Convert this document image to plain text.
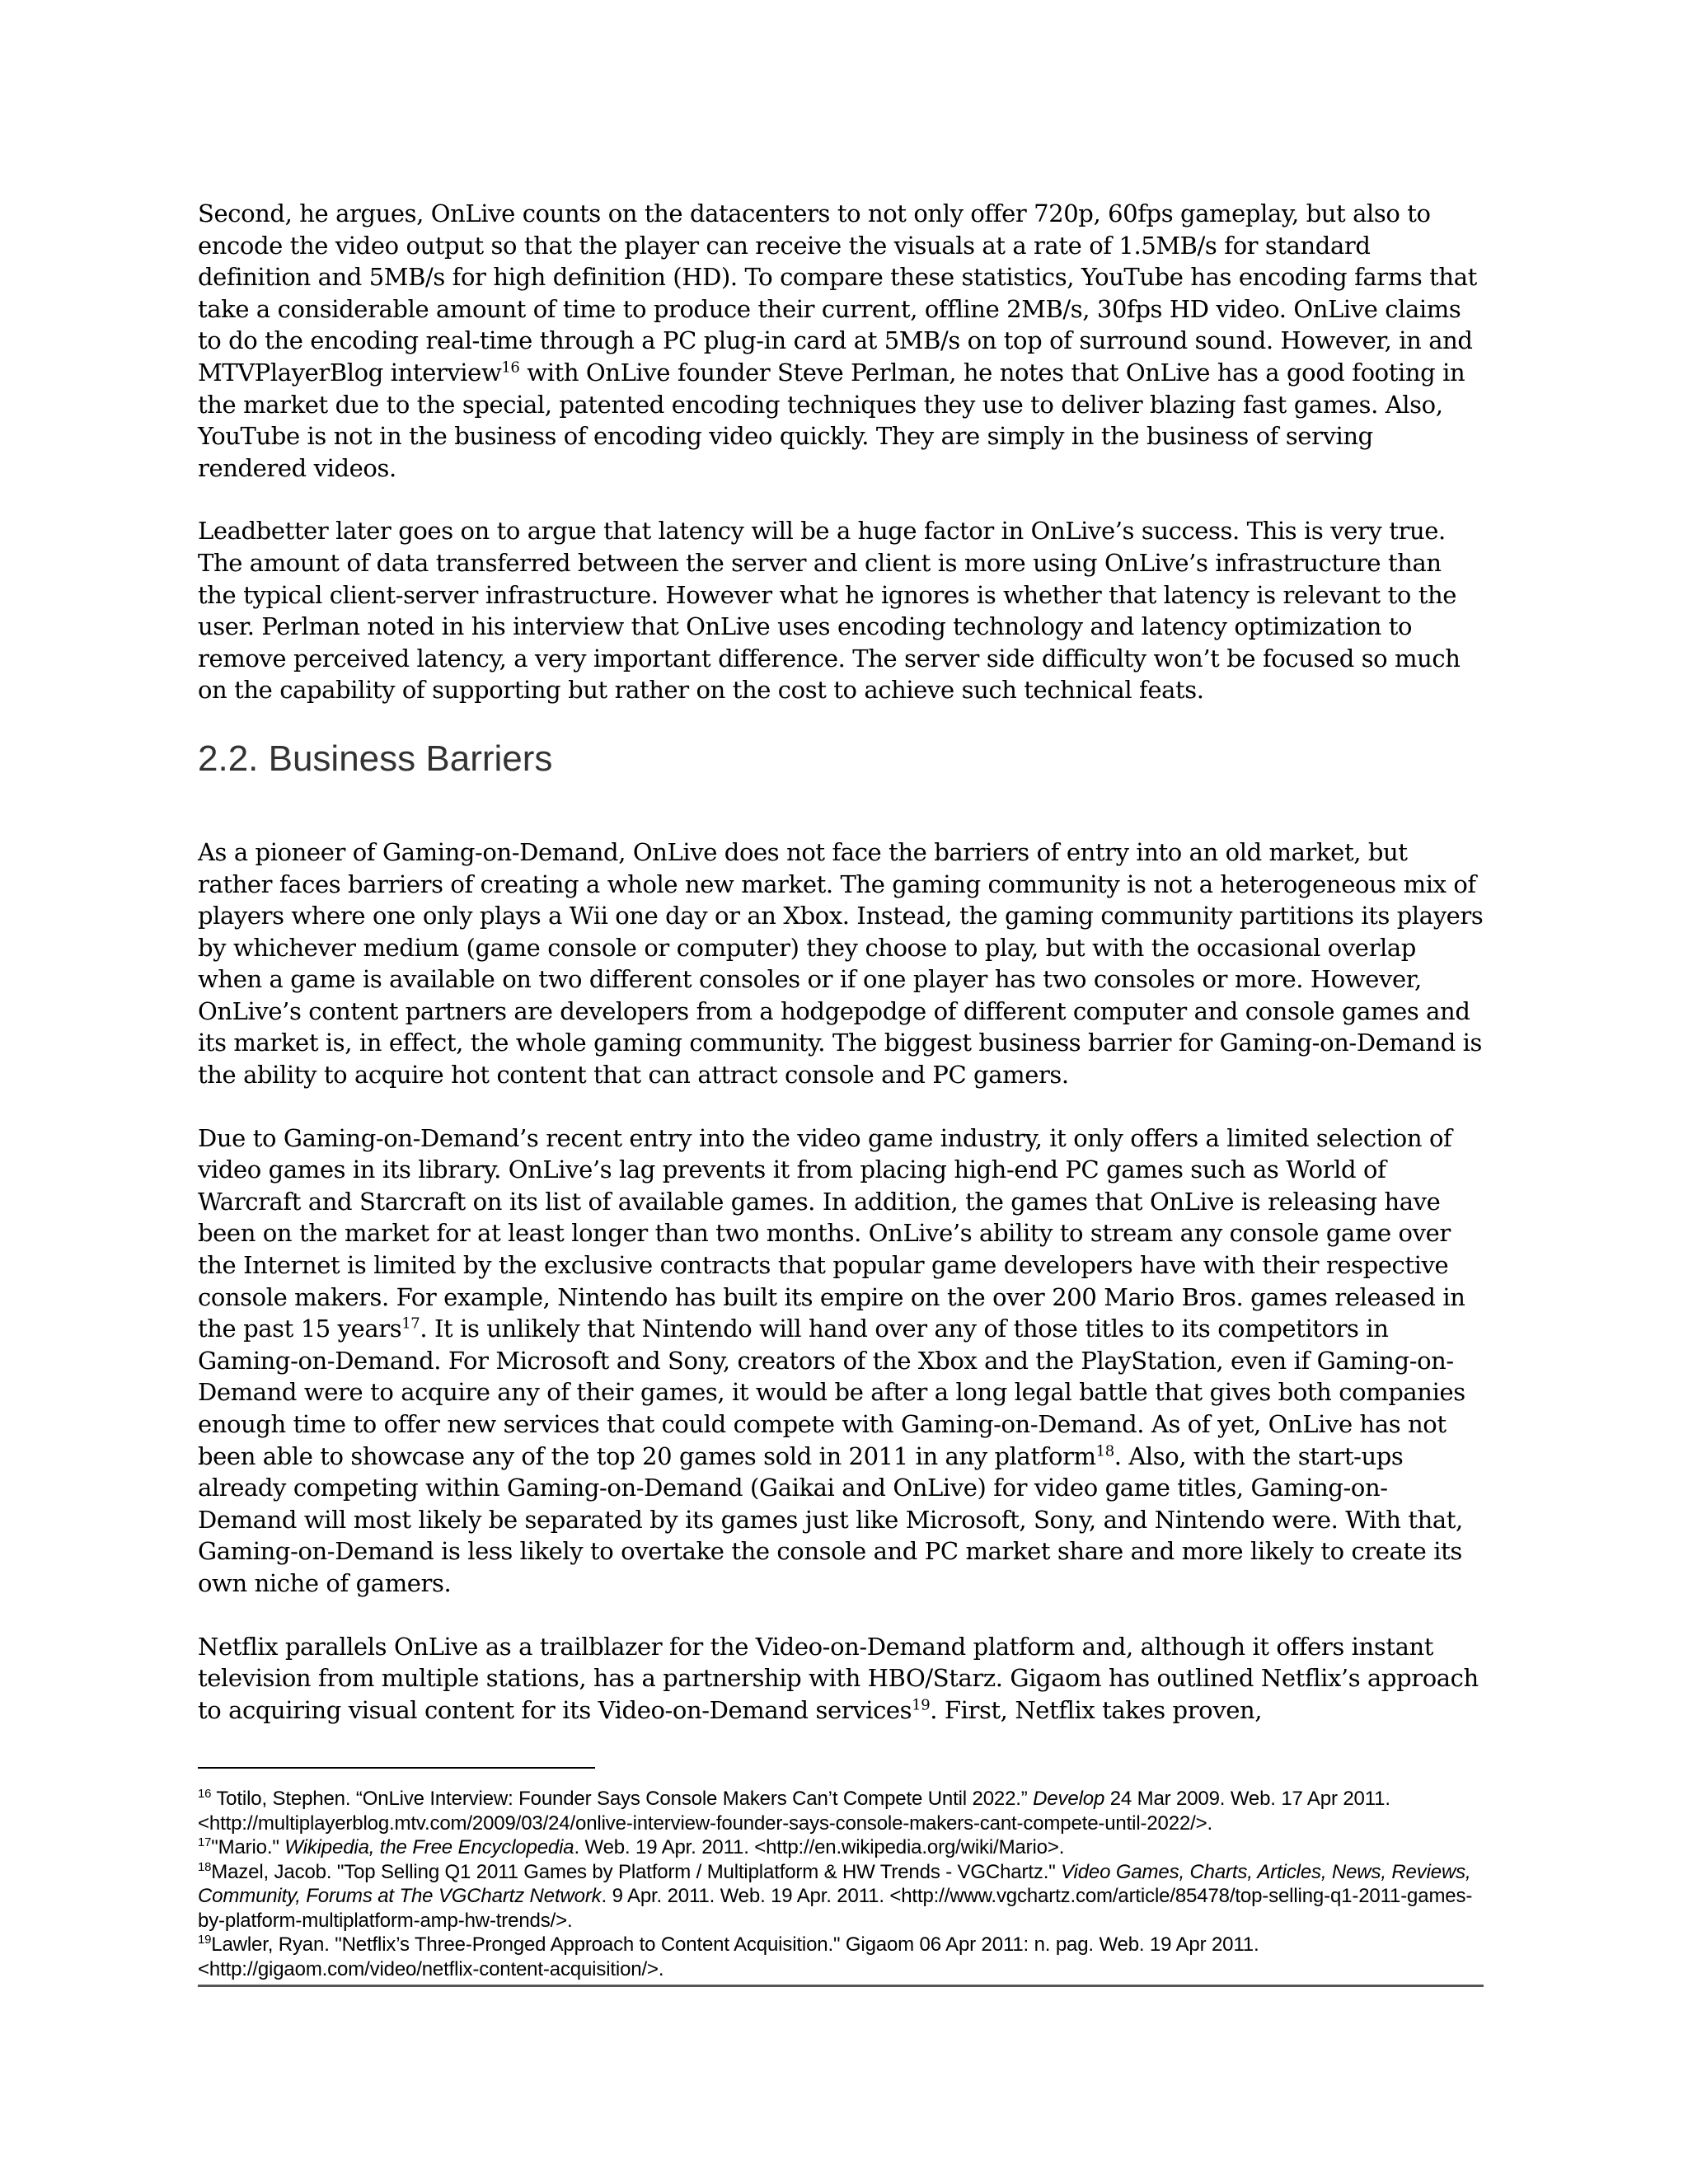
Second, he argues, OnLive counts on the datacenters to not only offer 720p, 60fps gameplay, but also to encode the video output so that the player can receive the visuals at a rate of 1.5MB/s for standard definition and 5MB/s for high definition (HD). To compare these statistics, YouTube has encoding farms that take a considerable amount of time to produce their current, offline 2MB/s, 30fps HD video. OnLive claims to do the encoding real-time through a PC plug-in card at 5MB/s on top of surround sound. However, in and MTVPlayerBlog interview$^{16}$ with OnLive founder Steve Perlman, he notes that OnLive has a good footing in the market due to the special, patented encoding techniques they use to deliver blazing fast games. Also, YouTube is not in the business of encoding video quickly. They are simply in the business of serving rendered videos.

Leadbetter later goes on to argue that latency will be a huge factor in OnLive’s success. This is very true. The amount of data transferred between the server and client is more using OnLive’s infrastructure than the typical client-server infrastructure. However what he ignores is whether that latency is relevant to the user. Perlman noted in his interview that OnLive uses encoding technology and latency optimization to remove perceived latency, a very important difference. The server side difficulty won’t be focused so much on the capability of supporting but rather on the cost to achieve such technical feats.

2.2. Business Barriers

As a pioneer of Gaming-on-Demand, OnLive does not face the barriers of entry into an old market, but rather faces barriers of creating a whole new market. The gaming community is not a heterogeneous mix of players where one only plays a Wii one day or an Xbox. Instead, the gaming community partitions its players by whichever medium (game console or computer) they choose to play, but with the occasional overlap when a game is available on two different consoles or if one player has two consoles or more. However, OnLive’s content partners are developers from a hodgepodge of different computer and console games and its market is, in effect, the whole gaming community. The biggest business barrier for Gaming-on-Demand is the ability to acquire hot content that can attract console and PC gamers.

Due to Gaming-on-Demand’s recent entry into the video game industry, it only offers a limited selection of video games in its library. OnLive’s lag prevents it from placing high-end PC games such as World of Warcraft and Starcraft on its list of available games. In addition, the games that OnLive is releasing have been on the market for at least longer than two months. OnLive’s ability to stream any console game over the Internet is limited by the exclusive contracts that popular game developers have with their respective console makers. For example, Nintendo has built its empire on the over 200 Mario Bros. games released in the past 15 years$^{17}$. It is unlikely that Nintendo will hand over any of those titles to its competitors in Gaming-on-Demand. For Microsoft and Sony, creators of the Xbox and the PlayStation, even if Gaming-on-Demand were to acquire any of their games, it would be after a long legal battle that gives both companies enough time to offer new services that could compete with Gaming-on-Demand. As of yet, OnLive has not been able to showcase any of the top 20 games sold in 2011 in any platform$^{18}$. Also, with the start-ups already competing within Gaming-on-Demand (Gaikai and OnLive) for video game titles, Gaming-on-Demand will most likely be separated by its games just like Microsoft, Sony, and Nintendo were. With that, Gaming-on-Demand is less likely to overtake the console and PC market share and more likely to create its own niche of gamers.

Netflix parallels OnLive as a trailblazer for the Video-on-Demand platform and, although it offers instant television from multiple stations, has a partnership with HBO/Starz. Gigaom has outlined Netflix’s approach to acquiring visual content for its Video-on-Demand services$^{19}$. First, Netflix takes proven,

$^{16}$ Totilo, Stephen. “OnLive Interview: Founder Says Console Makers Can’t Compete Until 2022.” Develop 24 Mar 2009. Web. 17 Apr 2011. <http://multiplayerblog.mtv.com/2009/03/24/onlive-interview-founder-says-console-makers-cant-compete-until-2022/>.

$^{17}$"Mario." Wikipedia, the Free Encyclopedia. Web. 19 Apr. 2011. <http://en.wikipedia.org/wiki/Mario>.

$^{18}$Mazel, Jacob. "Top Selling Q1 2011 Games by Platform / Multiplatform & HW Trends - VGChartz." Video Games, Charts, Articles, News, Reviews, Community, Forums at The VGChartz Network. 9 Apr. 2011. Web. 19 Apr. 2011. <http://www.vgchartz.com/article/85478/top-selling-q1-2011-games-by-platform-multiplatform-amp-hw-trends/>.

$^{19}$Lawler, Ryan. "Netflix’s Three-Pronged Approach to Content Acquisition." Gigaom 06 Apr 2011: n. pag. Web. 19 Apr 2011. <http://gigaom.com/video/netflix-content-acquisition/>.
